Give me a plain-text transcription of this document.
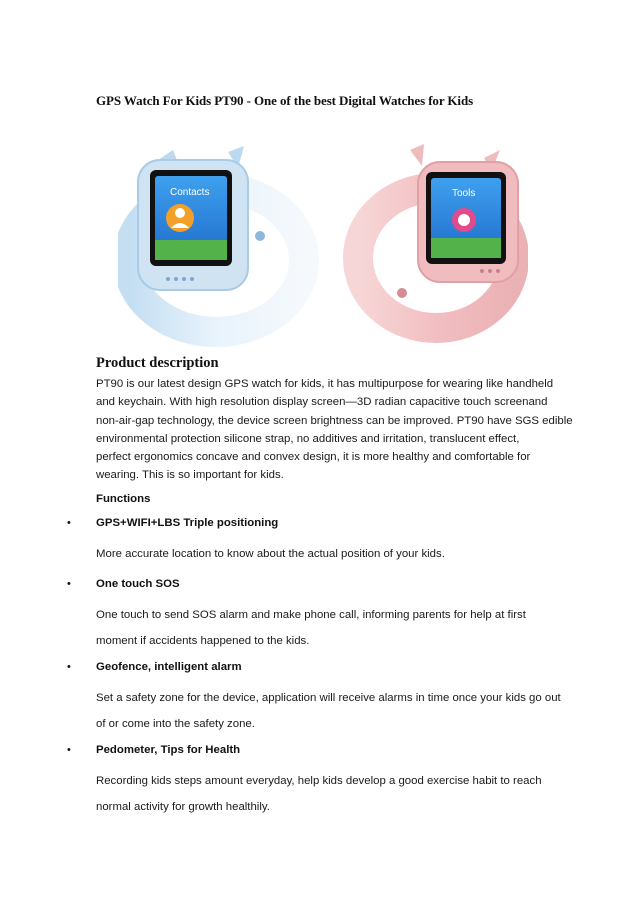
GPS Watch For Kids PT90 - One of the best Digital Watches for Kids
Contacts	Tools
Product description
PT90 is our latest design GPS watch for kids, it has multipurpose for wearing like handheld
and keychain. With high resolution display screen—3D radian capacitive touch screenand
non-air-gap technology, the device screen brightness can be improved. PT90 have SGS edible
environmental protection silicone strap, no additives and irritation, translucent effect,
perfect ergonomics concave and convex design, it is more healthy and comfortable for
wearing. This is so important for kids.
Functions
• GPS+WIFI+LBS Triple positioning
More accurate location to know about the actual position of your kids.
• One touch SOS
One touch to send SOS alarm and make phone call, informing parents for help at first
moment if accidents happened to the kids.
• Geofence, intelligent alarm
Set a safety zone for the device, application will receive alarms in time once your kids go out
of or come into the safety zone.
• Pedometer, Tips for Health
Recording kids steps amount everyday, help kids develop a good exercise habit to reach
normal activity for growth healthily.
